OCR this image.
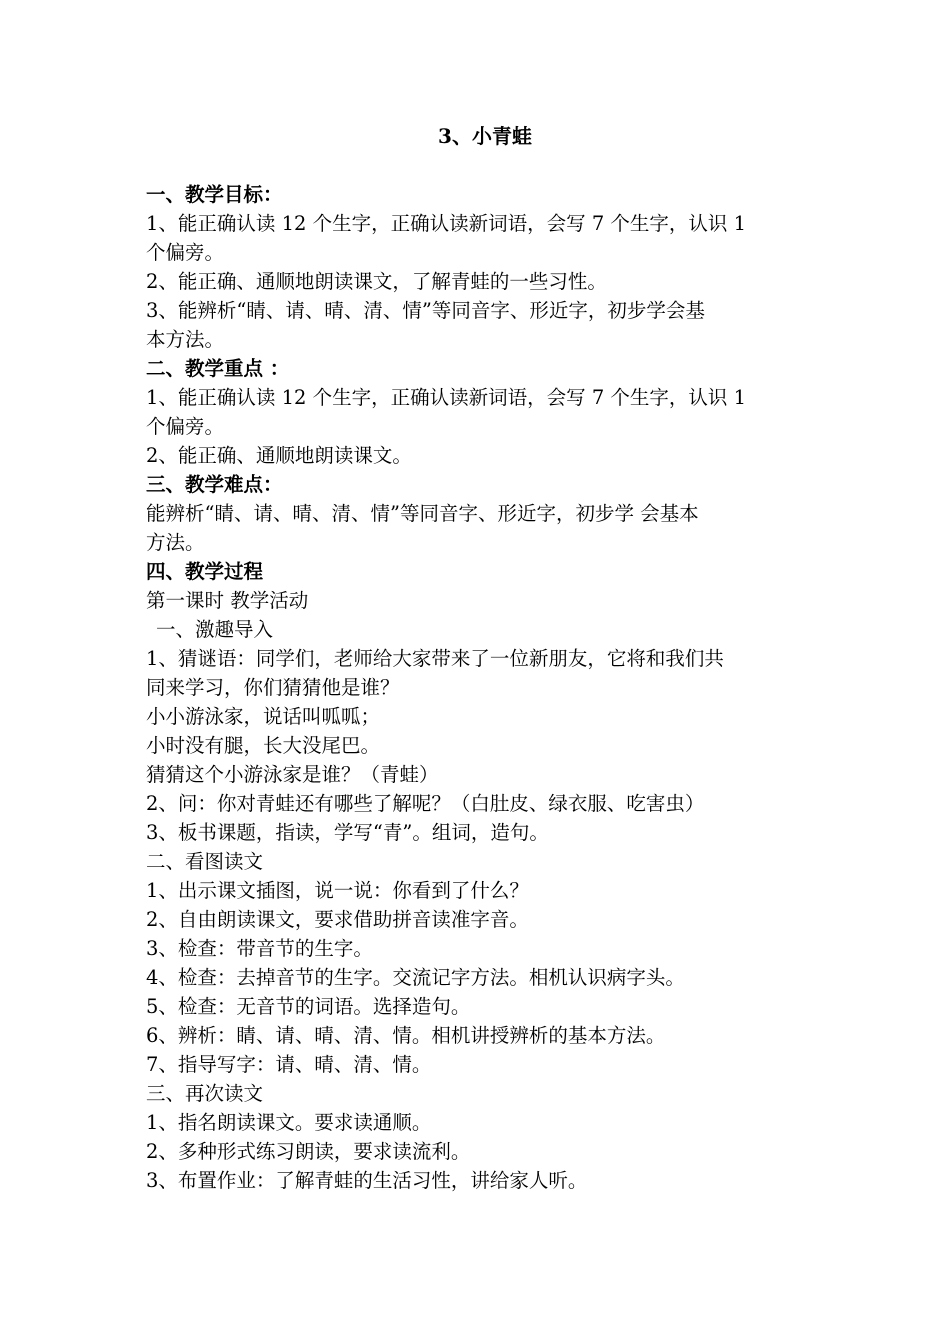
3、小青蛙
一、教学目标：
1、能正确认读 12 个生字，正确认读新词语，会写 7 个生字，认识 1
个偏旁。
2、能正确、通顺地朗读课文，了解青蛙的一些习性。
3、能辨析“睛、请、晴、清、情”等同音字、形近字，初步学会基
本方法。
二、教学重点 ：
1、能正确认读 12 个生字，正确认读新词语，会写 7 个生字，认识 1
个偏旁。
2、能正确、通顺地朗读课文。
三、教学难点：
能辨析“睛、请、晴、清、情”等同音字、形近字，初步学 会基本
方法。
四、教学过程
第一课时 教学活动
一、激趣导入
1、猜谜语：同学们，老师给大家带来了一位新朋友，它将和我们共
同来学习，你们猜猜他是谁？
小小游泳家，说话叫呱呱；
小时没有腿，长大没尾巴。
猜猜这个小游泳家是谁？（青蛙）
2、问：你对青蛙还有哪些了解呢？（白肚皮、绿衣服、吃害虫）
3、板书课题，指读，学写“青”。组词，造句。
二、看图读文
1、出示课文插图，说一说：你看到了什么？
2、自由朗读课文，要求借助拼音读准字音。
3、检查：带音节的生字。
4、检查：去掉音节的生字。交流记字方法。相机认识病字头。
5、检查：无音节的词语。选择造句。
6、辨析：睛、请、晴、清、情。相机讲授辨析的基本方法。
7、指导写字：请、晴、清、情。
三、再次读文
1、指名朗读课文。要求读通顺。
2、多种形式练习朗读，要求读流利。
3、布置作业：了解青蛙的生活习性，讲给家人听。
